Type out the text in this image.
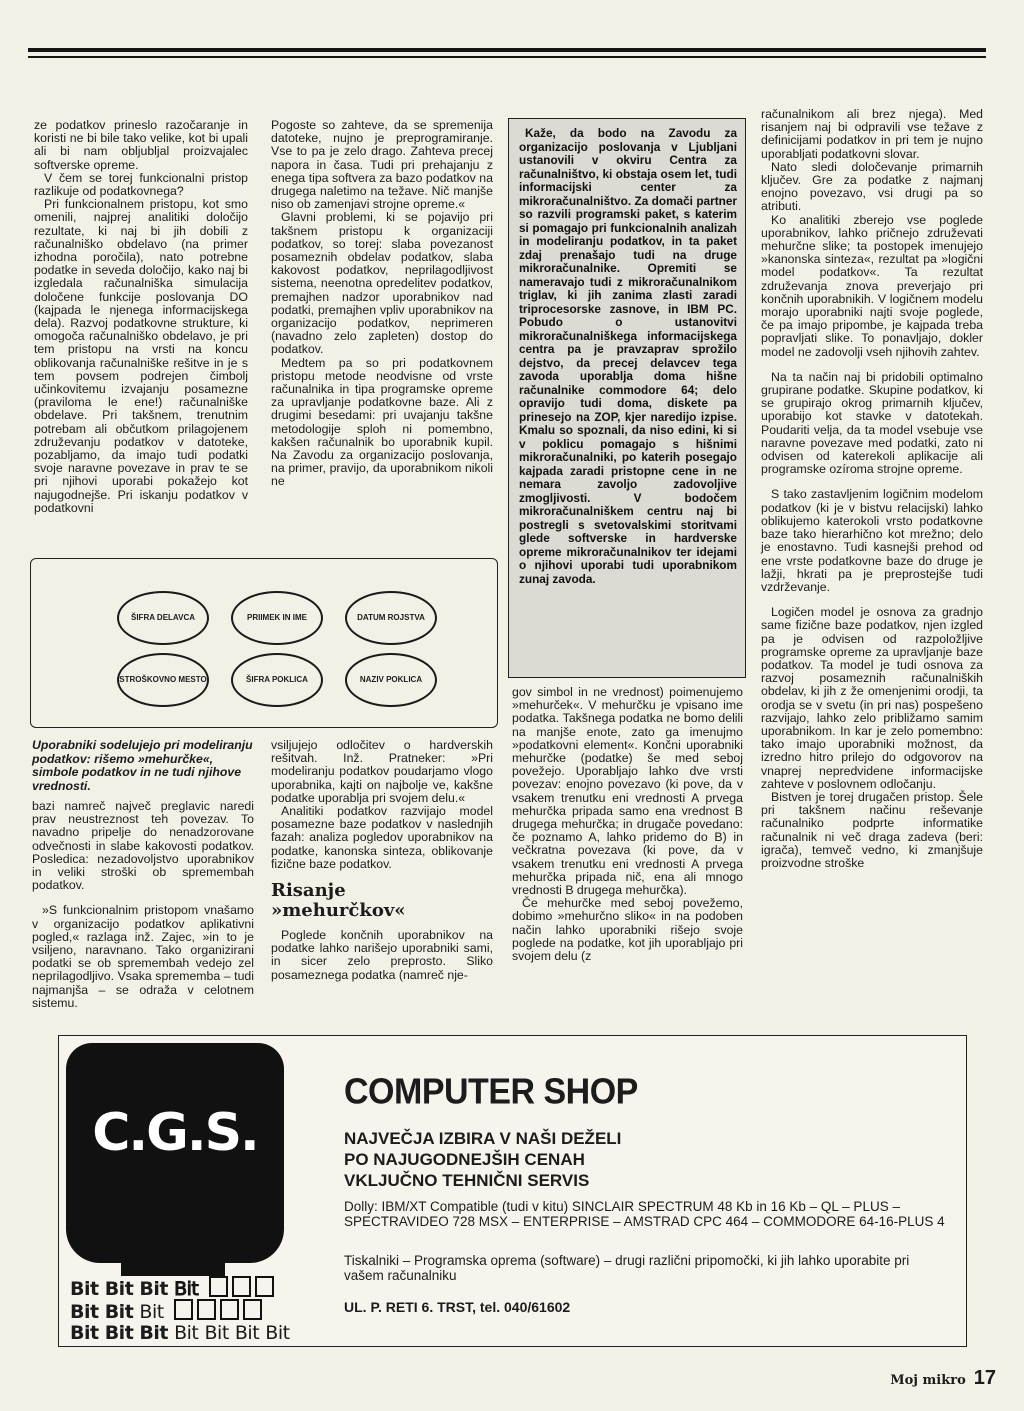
ze podatkov prineslo razočaranje in koristi ne bi bile tako velike, kot bi upali ali bi nam obljubljal proizvajalec softverske opreme.

V čem se torej funkcionalni pristop razlikuje od podatkovnega?

Pri funkcionalnem pristopu, kot smo omenili, najprej analitiki določijo rezultate, ki naj bi jih dobili z računalniško obdelavo (na primer izhodna poročila), nato potrebne podatke in seveda določijo, kako naj bi izgledala računalniška simulacija določene funkcije poslovanja DO (kajpada le njenega informacijskega dela). Razvoj podatkovne strukture, ki omogoča računalniško obdelavo, je pri tem pristopu na vrsti na koncu oblikovanja računalniške rešitve in je s tem povsem podrejen čimbolj učinkovitemu izvajanju posamezne (praviloma le ene!) računalniške obdelave. Pri takšnem, trenutnim potrebam ali občutkom prilagojenem združevanju podatkov v datoteke, pozabljamo, da imajo tudi podatki svoje naravne povezave in prav te se pri njihovi uporabi pokažejo kot najugodnejše. Pri iskanju podatkov v podatkovni

Pogoste so zahteve, da se spremenija datoteke, nujno je preprogramiranje. Vse to pa je zelo drago. Zahteva precej napora in časa. Tudi pri prehajanju z enega tipa softvera za bazo podatkov na drugega naletimo na težave. Nič manjše niso ob zamenjavi strojne opreme.«

Glavni problemi, ki se pojavijo pri takšnem pristopu k organizaciji podatkov, so torej: slaba povezanost posameznih obdelav podatkov, slaba kakovost podatkov, neprilagodljivost sistema, neenotna opredelitev podatkov, premajhen nadzor uporabnikov nad podatki, premajhen vpliv uporabnikov na organizacijo podatkov, neprimeren (navadno zelo zapleten) dostop do podatkov.

Medtem pa so pri podatkovnem pristopu metode neodvisne od vrste računalnika in tipa programske opreme za upravljanje podatkovne baze. Ali z drugimi besedami: pri uvajanju takšne metodologije sploh ni pomembno, kakšen računalnik bo uporabnik kupil. Na Zavodu za organizacijo poslovanja, na primer, pravijo, da uporabnikom nikoli ne

Kaže, da bodo na Zavodu za organizacijo poslovanja v Ljubljani ustanovili v okviru Centra za računalništvo, ki obstaja osem let, tudi informacijski center za mikroračunalništvo. Za domači partner so razvili programski paket, s katerim si pomagajo pri funkcionalnih analizah in modeliranju podatkov, in ta paket zdaj prenašajo tudi na druge mikroračunalnike. Opremiti se nameravajo tudi z mikroračunalnikom triglav, ki jih zanima zlasti zaradi triprocesorske zasnove, in IBM PC. Pobudo o ustanovitvi mikroračunalniškega informacijskega centra pa je pravzaprav sprožilo dejstvo, da precej delavcev tega zavoda uporablja doma hišne računalnike commodore 64; delo opravijo tudi doma, diskete pa prinesejo na ZOP, kjer naredijo izpise. Kmalu so spoznali, da niso edini, ki si v poklicu pomagajo s hišnimi mikroračunalniki, po katerih posegajo kajpada zaradi pristopne cene in ne nemara zavoljo zadovoljive zmogljivosti. V bodočem mikroračunalniškem centru naj bi postregli s svetovalskimi storitvami glede softverske in hardverske opreme mikroračunalnikov ter idejami o njihovi uporabi tudi uporabnikom zunaj zavoda.

računalnikom ali brez njega). Med risanjem naj bi odpravili vse težave z definicijami podatkov in pri tem je nujno uporabljati podatkovni slovar.

Nato sledi določevanje primarnih ključev. Gre za podatke z najmanj enojno povezavo, vsi drugi pa so atributi.

Ko analitiki zberejo vse poglede uporabnikov, lahko pričnejo združevati mehurčne slike; ta postopek imenujejo »kanonska sinteza«, rezultat pa »logični model podatkov«. Ta rezultat združevanja znova preverjajo pri končnih uporabnikih. V logičnem modelu morajo uporabniki najti svoje poglede, če pa imajo pripombe, je kajpada treba popravljati slike. To ponavljajo, dokler model ne zadovolji vseh njihovih zahtev.

Na ta način naj bi pridobili optimalno grupirane podatke. Skupine podatkov, ki se grupirajo okrog primarnih ključev, uporabijo kot stavke v datotekah. Poudariti velja, da ta model vsebuje vse naravne povezave med podatki, zato ni odvisen od katerekoli aplikacije ali programske ozíroma strojne opreme.

S tako zastavljenim logičnim modelom podatkov (ki je v bistvu relacijski) lahko oblikujemo katerokoli vrsto podatkovne baze tako hierarhično kot mrežno; delo je enostavno. Tudi kasnejši prehod od ene vrste podatkovne baze do druge je lažji, hkrati pa je preprostejše tudi vzdrževanje.

Logičen model je osnova za gradnjo same fizične baze podatkov, njen izgled pa je odvisen od razpoložljive programske opreme za upravljanje baze podatkov. Ta model je tudi osnova za razvoj posameznih računalniških obdelav, ki jih z že omenjenimi orodji, ta orodja se v svetu (in pri nas) pospešeno razvijajo, lahko zelo približamo samim uporabnikom. In kar je zelo pomembno: tako imajo uporabniki možnost, da izredno hitro prilejo do odgovorov na vnaprej nepredvidene informacijske zahteve v poslovnem odločanju.

Bistven je torej drugačen pristop. Šele pri takšnem načinu reševanje računalniko podprte informatike računalnik ni več draga zadeva (beri: igrača), temveč vedno, ki zmanjšuje proizvodne stroške

ŠIFRA DELAVCA	PRIIMEK IN IME	DATUM ROJSTVA
STROŠKOVNO MESTO	ŠIFRA POKLICA	NAZIV POKLICA
Uporabniki sodelujejo pri modeliranju podatkov: rišemo »mehurčke«, simbole podatkov in ne tudi njihove vrednosti.

bazi namreč največ preglavic naredi prav neustreznost teh povezav. To navadno pripelje do nenadzorovane odvečnosti in slabe kakovosti podatkov. Posledica: nezadovoljstvo uporabnikov in veliki stroški ob spremembah podatkov.

»S funkcionalnim pristopom vnašamo v organizacijo podatkov aplikativni pogled,« razlaga inž. Zajec, »in to je vsiljeno, naravnano. Tako organizirani podatki se ob spremembah vedejo zel neprilagodljivo. Vsaka sprememba – tudi najmanjša – se odraža v celotnem sistemu.

vsiljujejo odločitev o hardverskih rešitvah. Inž. Pratneker: »Pri modeliranju podatkov poudarjamo vlogo uporabnika, kajti on najbolje ve, kakšne podatke uporablja pri svojem delu.«

Analitiki podatkov razvijajo model posamezne baze podatkov v naslednjih fazah: analiza pogledov uporabnikov na podatke, kanonska sinteza, oblikovanje fizične baze podatkov.

Risanje
»mehurčkov«

Poglede končnih uporabnikov na podatke lahko narišejo uporabniki sami, in sicer zelo preprosto. Sliko posameznega podatka (namreč nje-

gov simbol in ne vrednost) poimenujemo »mehurček«. V mehurčku je vpisano ime podatka. Takšnega podatka ne bomo delili na manjše enote, zato ga imenujmo »podatkovni element«. Končni uporabniki mehurčke (podatke) še med seboj povežejo. Uporabljajo lahko dve vrsti povezav: enojno povezavo (ki pove, da v vsakem trenutku eni vrednosti A prvega mehurčka pripada samo ena vrednost B drugega mehurčka; in drugače povedano: če poznamo A, lahko pridemo do B) in večkratna povezava (ki pove, da v vsakem trenutku eni vrednosti A prvega mehurčka pripada nič, ena ali mnogo vrednosti B drugega mehurčka).

Če mehurčke med seboj povežemo, dobimo »mehurčno sliko« in na podoben način lahko uporabniki rišejo svoje poglede na podatke, kot jih uporabljajo pri svojem delu (z

C.G.S.
Bit Bit Bit Bit
Bit Bit Bit
Bit Bit Bit Bit Bit Bit Bit
COMPUTER SHOP
NAJVEČJA IZBIRA V NAŠI DEŽELI
PO NAJUGODNEJŠIH CENAH
VKLJUČNO TEHNIČNI SERVIS
Dolly: IBM/XT Compatible (tudi v kitu) SINCLAIR SPECTRUM 48 Kb in 16 Kb – QL – PLUS – SPECTRAVIDEO 728 MSX – ENTERPRISE – AMSTRAD CPC 464 – COMMODORE 64-16-PLUS 4
Tiskalniki – Programska oprema (software) – drugi različni pripomočki, ki jih lahko uporabite pri vašem računalniku
UL. P. RETI 6. TRST, tel. 040/61602
Moj mikro 17
